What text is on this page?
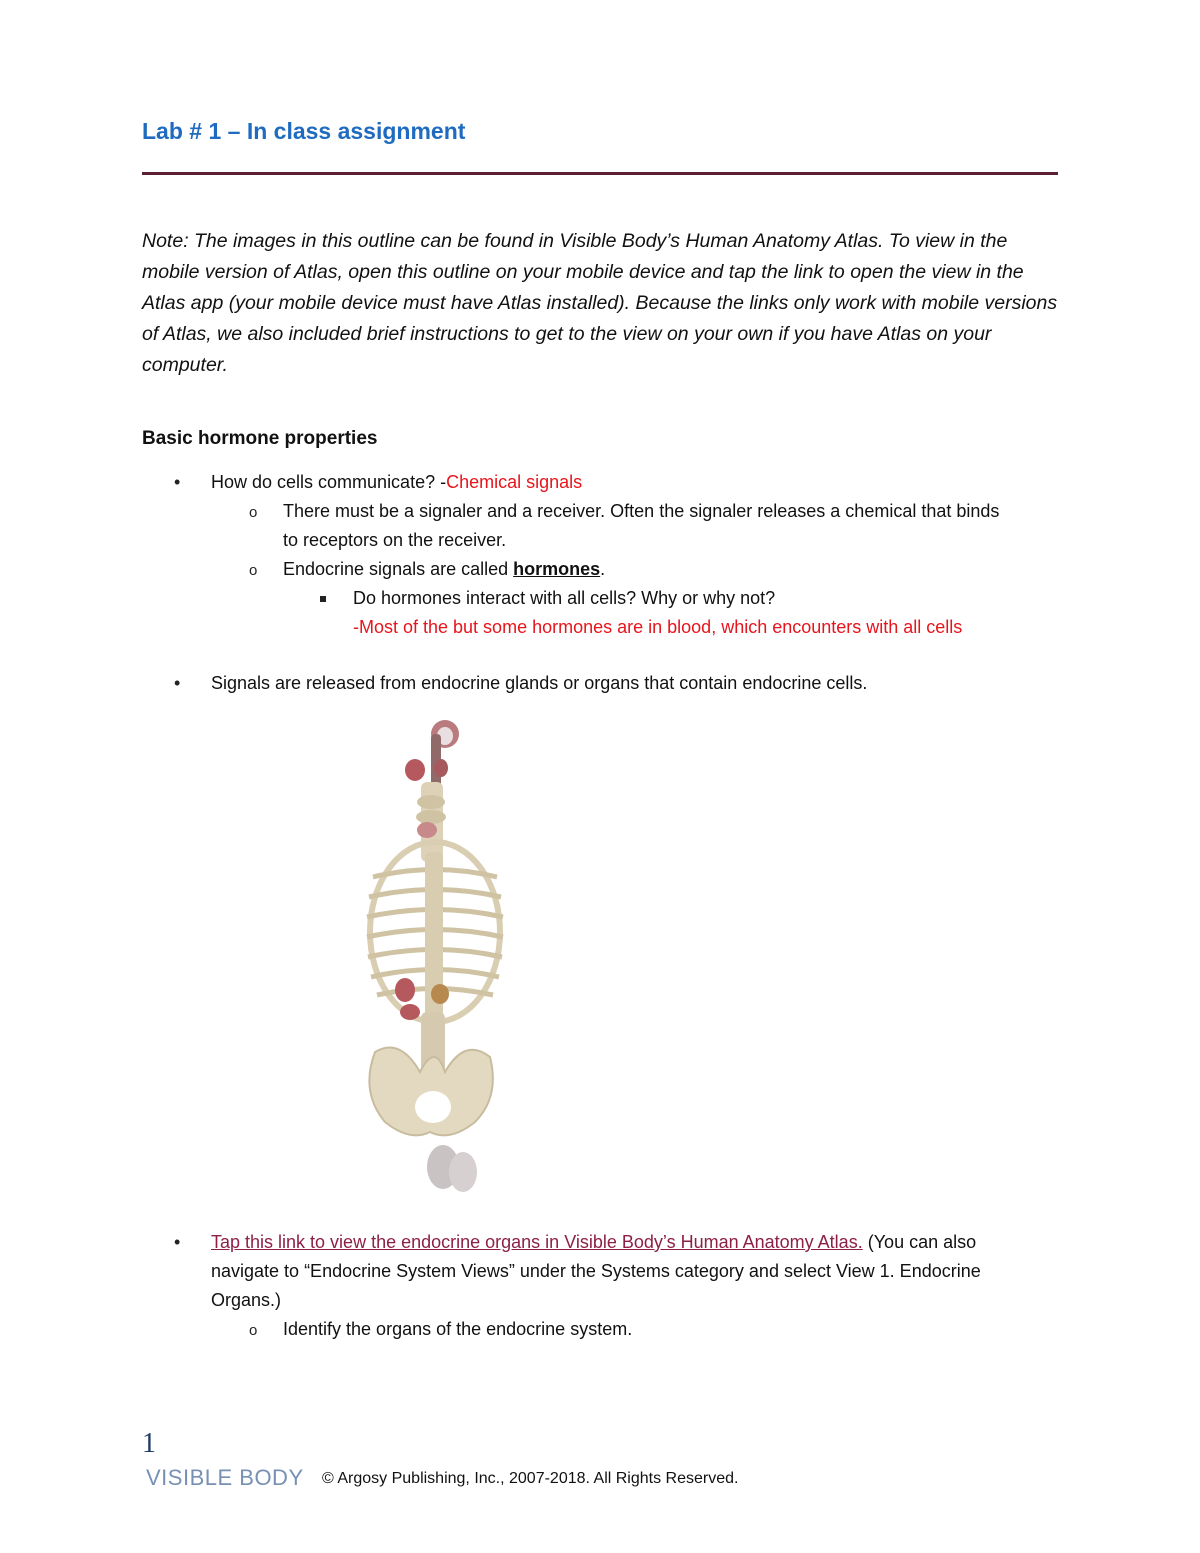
Lab # 1 – In class assignment

Note: The images in this outline can be found in Visible Body’s Human Anatomy Atlas. To view in the mobile version of Atlas, open this outline on your mobile device and tap the link to open the view in the Atlas app (your mobile device must have Atlas installed). Because the links only work with mobile versions of Atlas, we also included brief instructions to get to the view on your own if you have Atlas on your computer.

Basic hormone properties
• How do cells communicate? -Chemical signals
o There must be a signaler and a receiver. Often the signaler releases a chemical that binds
to receptors on the receiver.
o Endocrine signals are called hormones.
Do hormones interact with all cells? Why or why not?
-Most of the but some hormones are in blood, which encounters with all cells
• Signals are released from endocrine glands or organs that contain endocrine cells.
• Tap this link to view the endocrine organs in Visible Body’s Human Anatomy Atlas. (You can also
navigate to “Endocrine System Views” under the Systems category and select View 1. Endocrine
Organs.)
o Identify the organs of the endocrine system.
1
VISIBLE BODY © Argosy Publishing, Inc., 2007-2018. All Rights Reserved.
